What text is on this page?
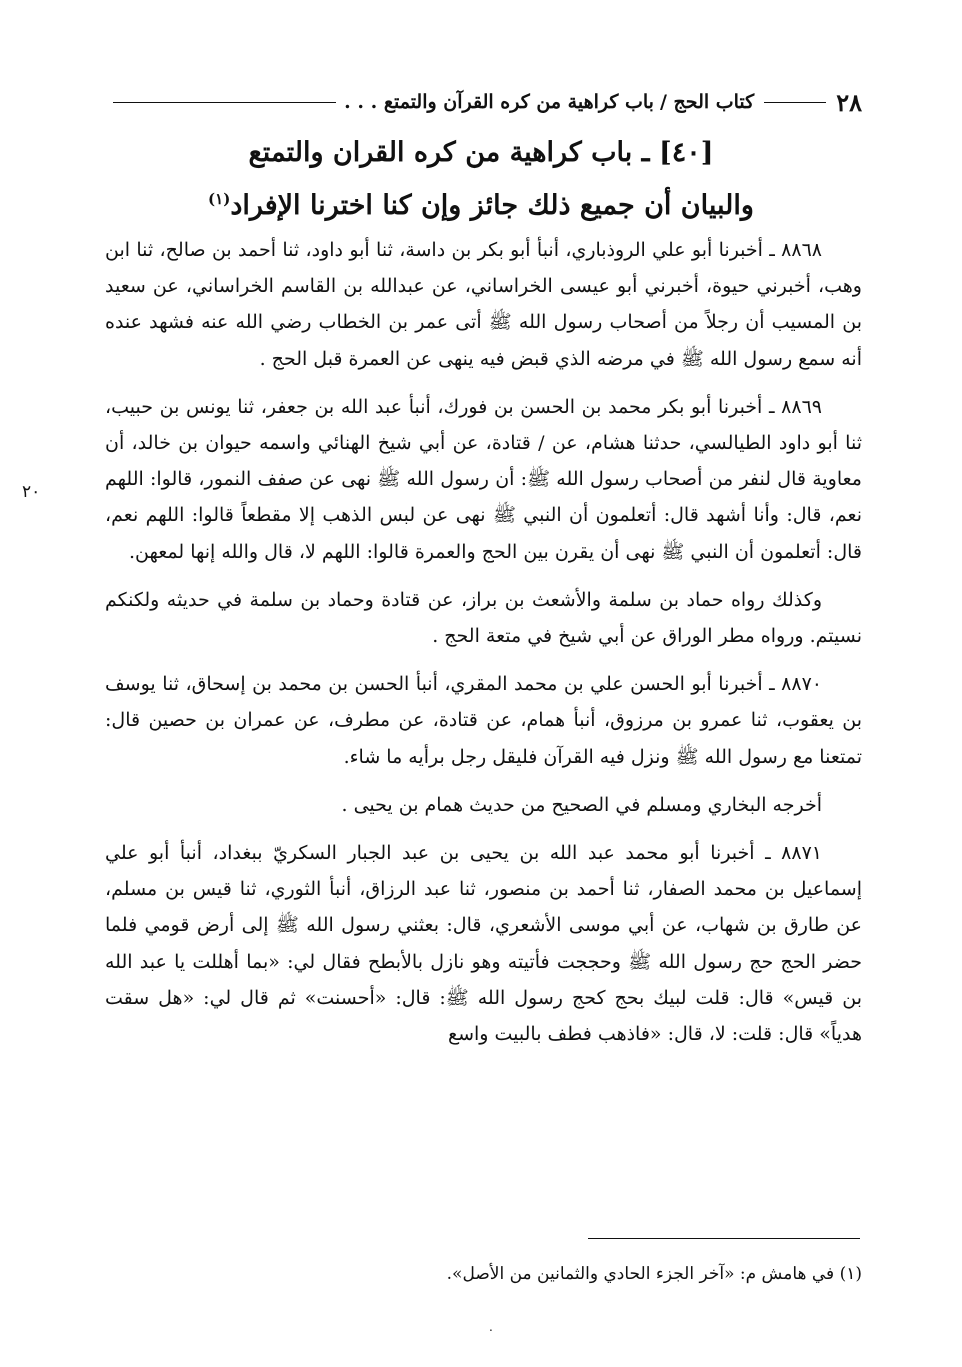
٢٨
كتاب الحج /
باب كراهية من كره القرآن والتمتع . . .
[٤٠] ـ باب كراهية من كره القران والتمتع
والبيان أن جميع ذلك جائز وإن كنا اخترنا الإفراد$^{(١)}$
٢٠

٨٨٦٨ ـ أخبرنا أبو علي الروذباري، أنبأ أبو بكر بن داسة، ثنا أبو داود، ثنا أحمد بن صالح، ثنا ابن وهب، أخبرني حيوة، أخبرني أبو عيسى الخراساني، عن عبدالله بن القاسم الخراساني، عن سعيد بن المسيب أن رجلاً من أصحاب رسول الله ﷺ أتى عمر بن الخطاب رضي الله عنه فشهد عنده أنه سمع رسول الله ﷺ في مرضه الذي قبض فيه ينهى عن العمرة قبل الحج .

٨٨٦٩ ـ أخبرنا أبو بكر محمد بن الحسن بن فورك، أنبأ عبد الله بن جعفر، ثنا يونس بن حبيب، ثنا أبو داود الطيالسي، حدثنا هشام، عن / قتادة، عن أبي شيخ الهنائي واسمه حيوان بن خالد، أن معاوية قال لنفر من أصحاب رسول الله ﷺ: أن رسول الله ﷺ نهى عن صفف النمور، قالوا: اللهم نعم، قال: وأنا أشهد قال: أتعلمون أن النبي ﷺ نهى عن لبس الذهب إلا مقطعاً قالوا: اللهم نعم، قال: أتعلمون أن النبي ﷺ نهى أن يقرن بين الحج والعمرة قالوا: اللهم لا، قال والله إنها لمعهن.

وكذلك رواه حماد بن سلمة والأشعث بن براز، عن قتادة وحماد بن سلمة في حديثه ولكنكم نسيتم. ورواه مطر الوراق عن أبي شيخ في متعة الحج .

٨٨٧٠ ـ أخبرنا أبو الحسن علي بن محمد المقري، أنبأ الحسن بن محمد بن إسحاق، ثنا يوسف بن يعقوب، ثنا عمرو بن مرزوق، أنبأ همام، عن قتادة، عن مطرف، عن عمران بن حصين قال: تمتعنا مع رسول الله ﷺ ونزل فيه القرآن فليقل رجل برأيه ما شاء.

أخرجه البخاري ومسلم في الصحيح من حديث همام بن يحيى .

٨٨٧١ ـ أخبرنا أبو محمد عبد الله بن يحيى بن عبد الجبار السكريّ ببغداد، أنبأ أبو علي إسماعيل بن محمد الصفار، ثنا أحمد بن منصور، ثنا عبد الرزاق، أنبأ الثوري، ثنا قيس بن مسلم، عن طارق بن شهاب، عن أبي موسى الأشعري، قال: بعثني رسول الله ﷺ إلى أرض قومي فلما حضر الحج حج رسول الله ﷺ وحججت فأتيته وهو نازل بالأبطح فقال لي: «بما أهللت يا عبد الله بن قيس» قال: قلت لبيك بحج كحج رسول الله ﷺ: قال: «أحسنت» ثم قال لي: «هل سقت هدياً» قال: قلت: لا، قال: «فاذهب فطف بالبيت واسع

(١) في هامش م: «آخر الجزء الحادي والثمانين من الأصل».
.
